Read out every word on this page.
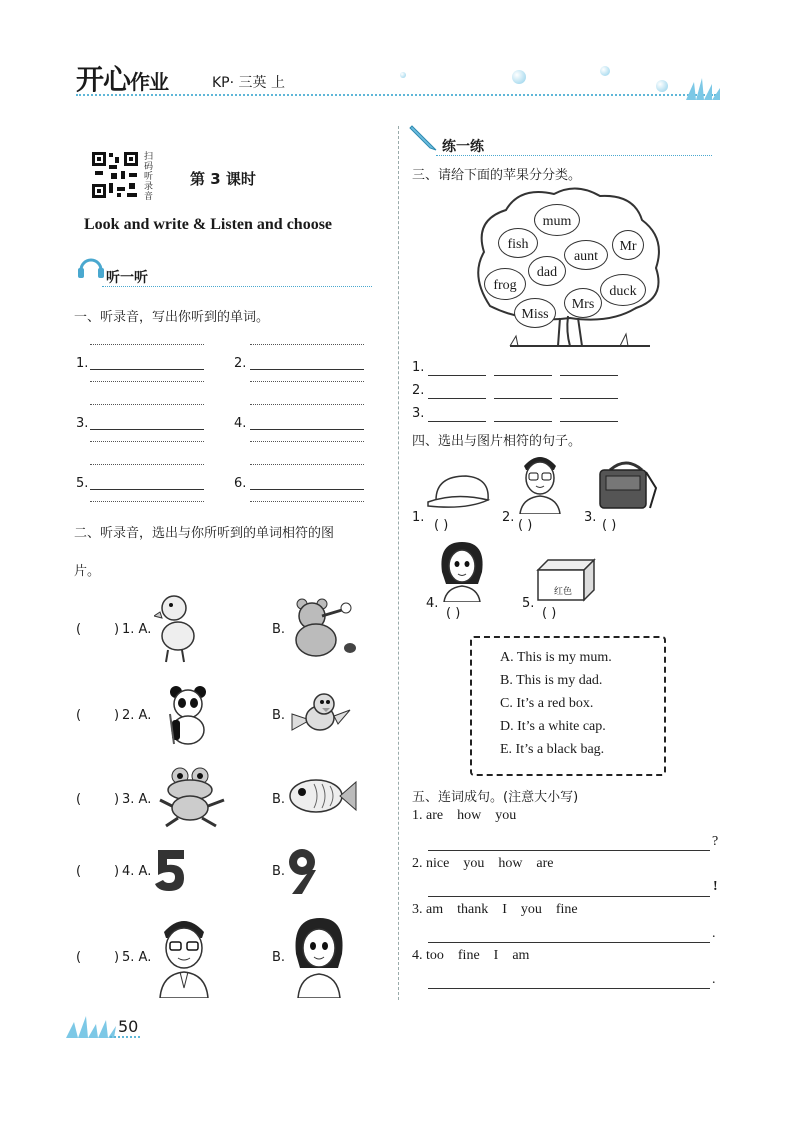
开心作业	KP· 三英 上
扫码听录音
第 3 课时
Look and write & Listen and choose
听一听
一、听录音，写出你听到的单词。
1.	2.
3.	4.
5.	6.
二、听录音，选出与你所听到的单词相符的图
片。
(	) 1. A.	B.
(	) 2. A.	B.
(	) 3. A.	B.
(	) 4. A.	B.
(	) 5. A.	B.
练一练
三、请给下面的苹果分分类。
mum
fish
aunt
Mr
dad
frog	duck
Mrs
Miss
1.
2.
3.
四、选出与图片相符的句子。
1.
( )
2.
( )
3.
( )
4.
( )
5.
红色
( )
A. This is my mum.
B. This is my dad.
C. It’s a red box.
D. It’s a white cap.
E. It’s a black bag.
五、连词成句。(注意大小写)
1. are    how    you
?
2. nice    you    how    are
!
3. am    thank    I    you    fine
.
4. too    fine    I    am
.
50
